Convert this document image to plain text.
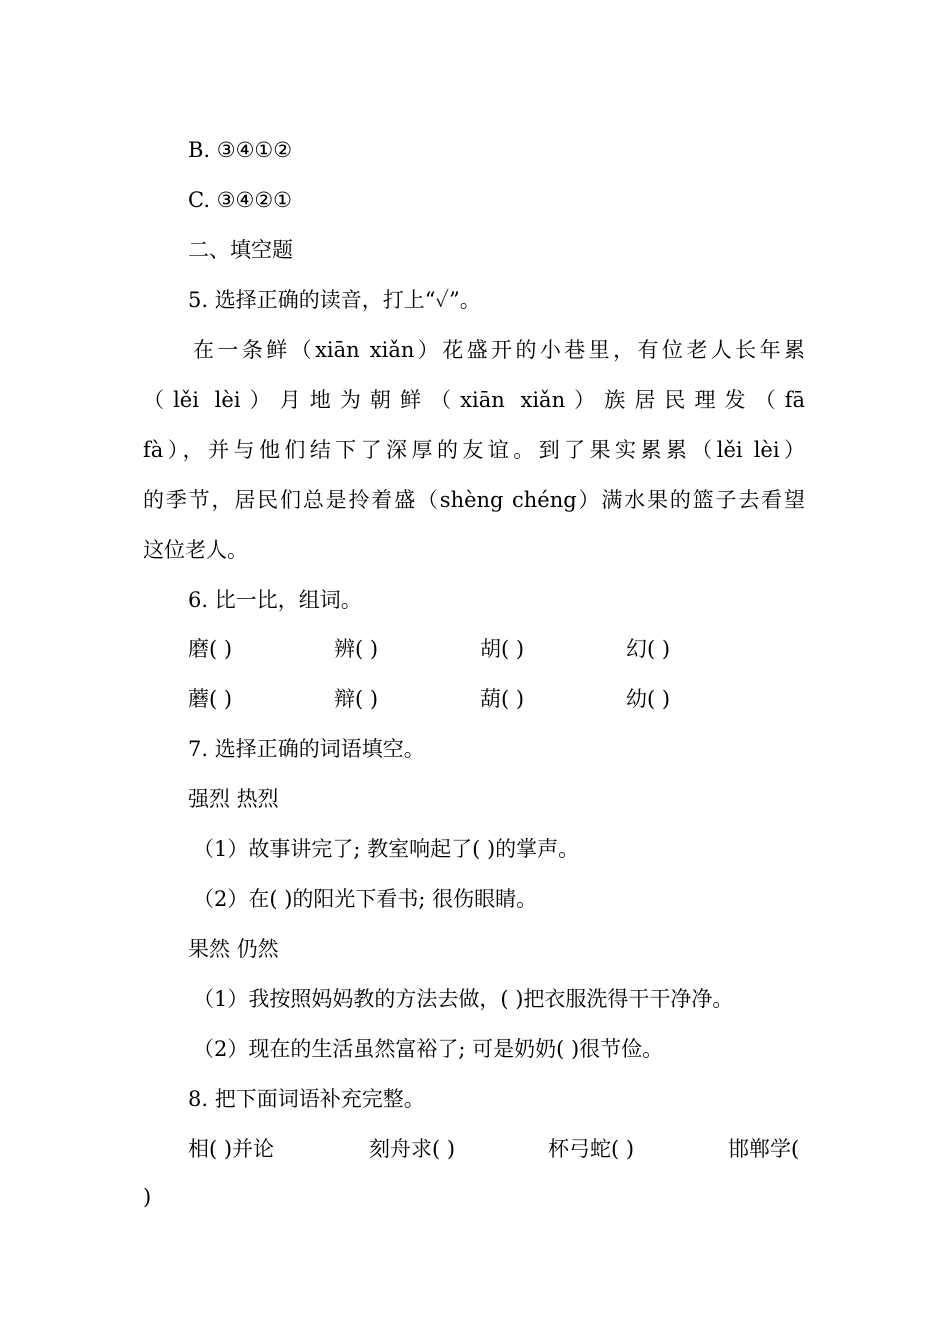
B. ③④①②
C. ③④②①
二、填空题
5. 选择正确的读音，打上“✓”。
在一条鲜（xiān xiǎn）花盛开的小巷里，有位老人长年累
（lěi lèi）月地为朝鲜（xiān xiǎn）族居民理发（fā
fà），并与他们结下了深厚的友谊。到了果实累累（lěi lèi）
的季节，居民们总是拎着盛（shèng chéng）满水果的篮子去看望
这位老人。
6. 比一比，组词。
磨( )	辨( )	胡( )	幻( )
蘑( )	辩( )	葫( )	幼( )
7. 选择正确的词语填空。
强烈 热烈
（1）故事讲完了; 教室响起了( )的掌声。
（2）在( )的阳光下看书; 很伤眼睛。
果然 仍然
（1）我按照妈妈教的方法去做，( )把衣服洗得干干净净。
（2）现在的生活虽然富裕了; 可是奶奶( )很节俭。
8. 把下面词语补充完整。
相( )并论	刻舟求( )	杯弓蛇( )	邯郸学(
)
